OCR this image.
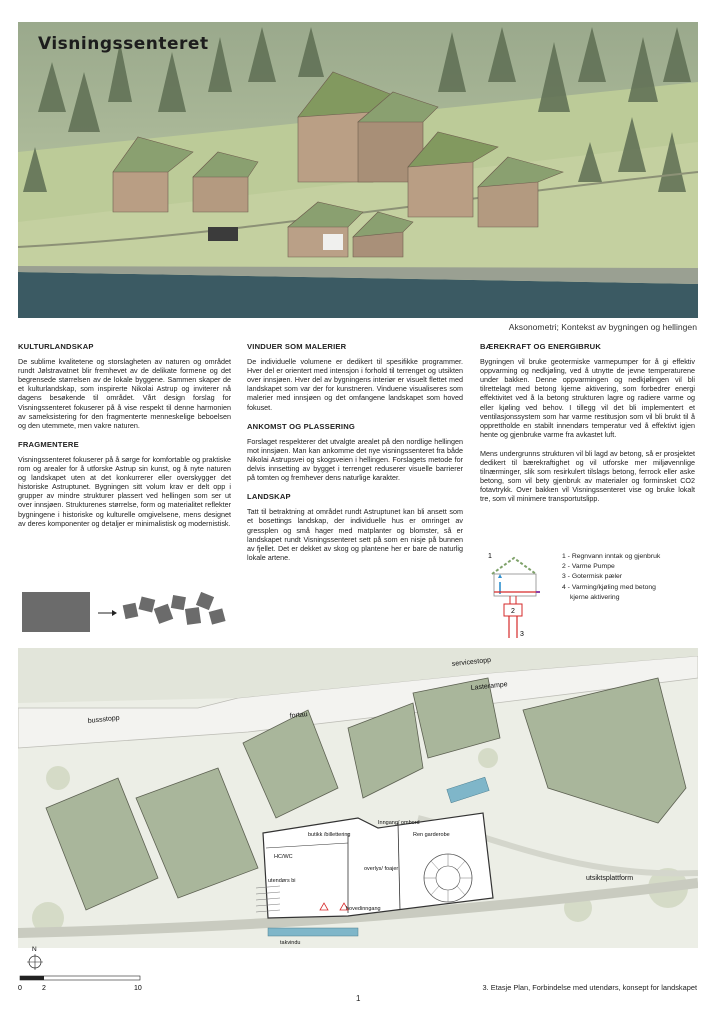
Visningssenteret
Aksonometri; Kontekst av bygningen og hellingen
KULTURLANDSKAP

De sublime kvalitetene og storslagheten av naturen og området rundt Jølstravatnet blir fremhevet av de delikate formene og det begrensede størrelsen av de lokale byggene. Sammen skaper de et kulturlandskap, som inspirerte Nikolai Astrup og inviterer nå dagens besøkende til området. Vårt design forslag for Visningssenteret fokuserer på å vise respekt til denne harmonien av sameksistering for den fragmenterte menneskelige beboelsen og den utemmete, men vakre naturen.

FRAGMENTERE

Visningssenteret fokuserer på å sørge for komfortable og praktiske rom og arealer for å utforske Astrup sin kunst, og å nyte naturen og landskapet uten at det konkurrerer eller overskygger det historiske Astruptunet. Bygningen sitt volum krav er delt opp i grupper av mindre strukturer plassert ved hellingen som ser ut over innsjøen. Strukturenes størrelse, form og materialitet reflekter bygningene i historiske og kulturelle omgivelsene, mens designet av deres komponenter og detaljer er minimalistisk og modernistisk.

VINDUER SOM MALERIER

De individuelle volumene er dedikert til spesifikke programmer. Hver del er orientert med intensjon i forhold til terrenget og utsikten over innsjøen. Hver del av bygningens interiør er visuelt flettet med landskapet som var der for kunstneren. Vinduene visualiseres som malerier med innsjøen og det omfangene landskapet som hoved fokuset.

ANKOMST OG PLASSERING

Forslaget respekterer det utvalgte arealet på den nordlige hellingen mot innsjøen. Man kan ankomme det nye visningssenteret fra både Nikolai Astrupsvei og skogsveien i hellingen. Forslagets metode for delvis innsetting av bygget i terrenget reduserer visuelle barrierer på tomten og fremhever dens naturlige karakter.

LANDSKAP

Tatt til betraktning at området rundt Astruptunet kan bli ansett som et bosettings landskap, der individuelle hus er omringet av gressplen og små hager med matplanter og blomster, så er landskapet rundt Visningssenteret sett på som en nisje på bunnen av fjellet. Det er dekket av skog og plantene her er bare de naturlig lokale artene.

BÆREKRAFT OG ENERGIBRUK

Bygningen vil bruke geotermiske varmepumper for å gi effektiv oppvarming og nedkjøling, ved å utnytte de jevne temperaturene under bakken. Denne oppvarmingen og nedkjølingen vil bli tilrettelagt med betong kjerne aktivering, som forbedrer energi effektivitet ved å la betong strukturen lagre og radiere varme og eller kjøling ved behov. I tillegg vil det bli implementert et ventilasjonssystem som har varme restitusjon som vil bli brukt til å opprettholde en stabilt innendørs temperatur ved å effektivt igjen hente og gjenbruke varme fra avkastet luft.

Mens undergrunns strukturen vil bli lagd av betong, så er prosjektet dedikert til bærekraftighet og vil utforske mer miljøvennlige tilnærminger, slik som resirkulert tilslags betong, ferrock eller aske betong, som vil bety gjenbruk av materialer og forminsket CO2 fotavtrykk. Over bakken vil Visningssenteret vise og bruke lokalt tre, som vil minimere transportutslipp.

1
2
3
1 - Regnvann inntak og gjenbruk
2 - Varme Pumpe
3 - Gotermisk pæler
4 - Varming/kjøling med betong
kjerne aktivering
servicestopp
Lasterampe
bussstopp	fortau
butikk /billettering
HC/WC
Inngang/ ombord
Ren garderobe
utendørs bi
overlys/ foajer
hovedinngang
takvindu
utsiktsplattform
N
0	2	10	3. Etasje Plan, Forbindelse med utendørs, konsept for landskapet
1
